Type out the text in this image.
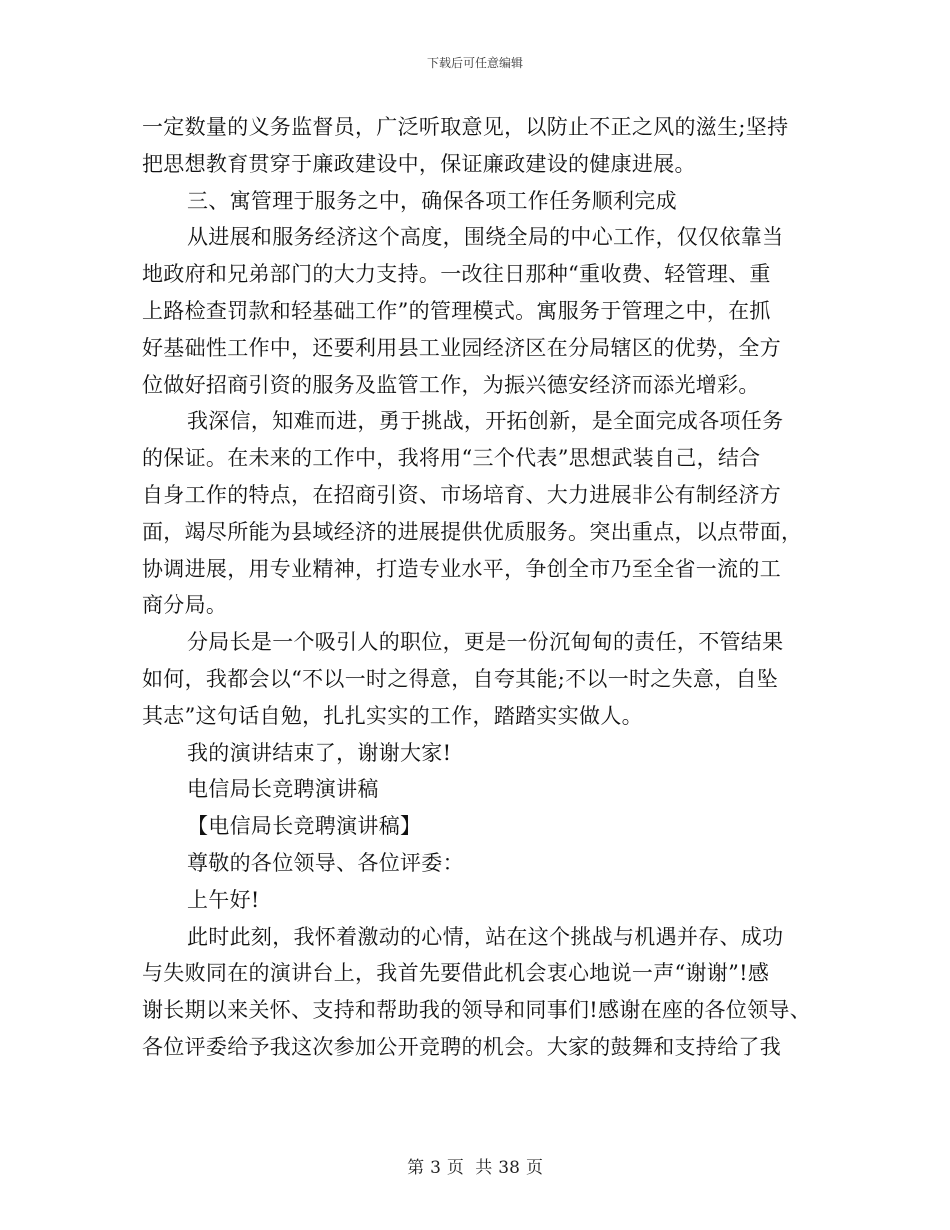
下载后可任意编辑
一定数量的义务监督员，广泛听取意见，以防止不正之风的滋生;坚持
把思想教育贯穿于廉政建设中，保证廉政建设的健康进展。
三、寓管理于服务之中，确保各项工作任务顺利完成
从进展和服务经济这个高度，围绕全局的中心工作，仅仅依靠当
地政府和兄弟部门的大力支持。一改往日那种“重收费、轻管理、重
上路检查罚款和轻基础工作”的管理模式。寓服务于管理之中，在抓
好基础性工作中，还要利用县工业园经济区在分局辖区的优势，全方
位做好招商引资的服务及监管工作，为振兴德安经济而添光增彩。
我深信，知难而进，勇于挑战，开拓创新，是全面完成各项任务
的保证。在未来的工作中，我将用“三个代表”思想武装自己，结合
自身工作的特点，在招商引资、市场培育、大力进展非公有制经济方
面，竭尽所能为县域经济的进展提供优质服务。突出重点，以点带面，
协调进展，用专业精神，打造专业水平，争创全市乃至全省一流的工
商分局。
分局长是一个吸引人的职位，更是一份沉甸甸的责任，不管结果
如何，我都会以“不以一时之得意，自夸其能;不以一时之失意，自坠
其志”这句话自勉，扎扎实实的工作，踏踏实实做人。
我的演讲结束了，谢谢大家!
电信局长竞聘演讲稿
【电信局长竞聘演讲稿】
尊敬的各位领导、各位评委：
上午好!
此时此刻，我怀着激动的心情，站在这个挑战与机遇并存、成功
与失败同在的演讲台上，我首先要借此机会衷心地说一声“谢谢”!感
谢长期以来关怀、支持和帮助我的领导和同事们!感谢在座的各位领导、
各位评委给予我这次参加公开竞聘的机会。大家的鼓舞和支持给了我
第 3 页 共 38 页
